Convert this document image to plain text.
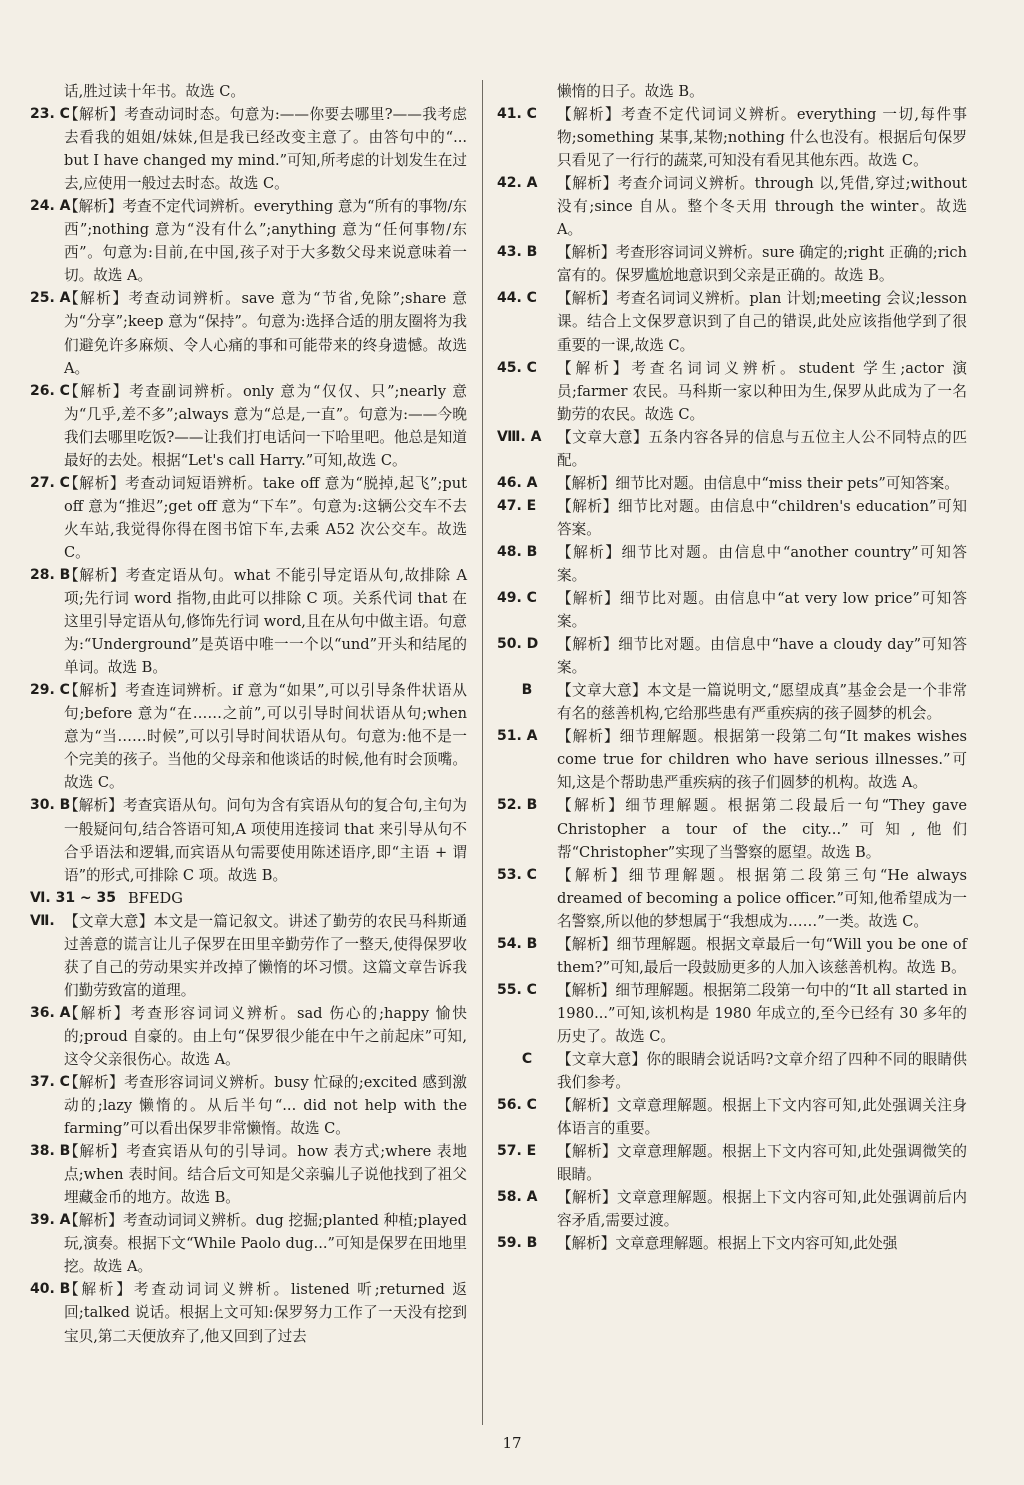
话,胜过读十年书。故选 C。
23. C
【解析】考查动词时态。句意为:——你要去哪里?——我考虑去看我的姐姐/妹妹,但是我已经改变主意了。由答句中的“... but I have changed my mind.”可知,所考虑的计划发生在过去,应使用一般过去时态。故选 C。
24. A
【解析】考查不定代词辨析。everything 意为“所有的事物/东西”;nothing 意为“没有什么”;anything 意为“任何事物/东西”。句意为:目前,在中国,孩子对于大多数父母来说意味着一切。故选 A。
25. A
【解析】考查动词辨析。save 意为“节省,免除”;share 意为“分享”;keep 意为“保持”。句意为:选择合适的朋友圈将为我们避免许多麻烦、令人心痛的事和可能带来的终身遗憾。故选 A。
26. C
【解析】考查副词辨析。only 意为“仅仅、只”;nearly 意为“几乎,差不多”;always 意为“总是,一直”。句意为:——今晚我们去哪里吃饭?——让我们打电话问一下哈里吧。他总是知道最好的去处。根据“Let's call Harry.”可知,故选 C。
27. C
【解析】考查动词短语辨析。take off 意为“脱掉,起飞”;put off 意为“推迟”;get off 意为“下车”。句意为:这辆公交车不去火车站,我觉得你得在图书馆下车,去乘 A52 次公交车。故选 C。
28. B
【解析】考查定语从句。what 不能引导定语从句,故排除 A 项;先行词 word 指物,由此可以排除 C 项。关系代词 that 在这里引导定语从句,修饰先行词 word,且在从句中做主语。句意为:“Underground”是英语中唯一一个以“und”开头和结尾的单词。故选 B。
29. C
【解析】考查连词辨析。if 意为“如果”,可以引导条件状语从句;before 意为“在……之前”,可以引导时间状语从句;when 意为“当……时候”,可以引导时间状语从句。句意为:他不是一个完美的孩子。当他的父母亲和他谈话的时候,他有时会顶嘴。故选 C。
30. B
【解析】考查宾语从句。问句为含有宾语从句的复合句,主句为一般疑问句,结合答语可知,A 项使用连接词 that 来引导从句不合乎语法和逻辑,而宾语从句需要使用陈述语序,即“主语 + 谓语”的形式,可排除 C 项。故选 B。
Ⅵ. 31 ~ 35 BFEDG
Ⅶ. 【文章大意】本文是一篇记叙文。讲述了勤劳的农民马科斯通过善意的谎言让儿子保罗在田里辛勤劳作了一整天,使得保罗收获了自己的劳动果实并改掉了懒惰的坏习惯。这篇文章告诉我们勤劳致富的道理。
36. A
【解析】考查形容词词义辨析。sad 伤心的;happy 愉快的;proud 自豪的。由上句“保罗很少能在中午之前起床”可知,这令父亲很伤心。故选 A。
37. C
【解析】考查形容词词义辨析。busy 忙碌的;excited 感到激动的;lazy 懒惰的。从后半句“... did not help with the farming”可以看出保罗非常懒惰。故选 C。
38. B
【解析】考查宾语从句的引导词。how 表方式;where 表地点;when 表时间。结合后文可知是父亲骗儿子说他找到了祖父埋藏金币的地方。故选 B。
39. A
【解析】考查动词词义辨析。dug 挖掘;planted 种植;played 玩,演奏。根据下文“While Paolo dug...”可知是保罗在田地里挖。故选 A。
40. B
【解析】考查动词词义辨析。listened 听;returned 返回;talked 说话。根据上文可知:保罗努力工作了一天没有挖到宝贝,第二天便放弃了,他又回到了过去
懒惰的日子。故选 B。
41. C	【解析】考查不定代词词义辨析。everything 一切,每件事物;something 某事,某物;nothing 什么也没有。根据后句保罗只看见了一行行的蔬菜,可知没有看见其他东西。故选 C。
42. A	【解析】考查介词词义辨析。through 以,凭借,穿过;without 没有;since 自从。整个冬天用 through the winter。故选 A。
43. B	【解析】考查形容词词义辨析。sure 确定的;right 正确的;rich 富有的。保罗尴尬地意识到父亲是正确的。故选 B。
44. C	【解析】考查名词词义辨析。plan 计划;meeting 会议;lesson 课。结合上文保罗意识到了自己的错误,此处应该指他学到了很重要的一课,故选 C。
45. C	【解析】考查名词词义辨析。student 学生;actor 演员;farmer 农民。马科斯一家以种田为生,保罗从此成为了一名勤劳的农民。故选 C。
Ⅷ. A	【文章大意】五条内容各异的信息与五位主人公不同特点的匹配。
46. A	【解析】细节比对题。由信息中“miss their pets”可知答案。
47. E	【解析】细节比对题。由信息中“children's education”可知答案。
48. B	【解析】细节比对题。由信息中“another country”可知答案。
49. C	【解析】细节比对题。由信息中“at very low price”可知答案。
50. D	【解析】细节比对题。由信息中“have a cloudy day”可知答案。
B	【文章大意】本文是一篇说明文,“愿望成真”基金会是一个非常有名的慈善机构,它给那些患有严重疾病的孩子圆梦的机会。
51. A	【解析】细节理解题。根据第一段第二句“It makes wishes come true for children who have serious illnesses.”可知,这是个帮助患严重疾病的孩子们圆梦的机构。故选 A。
52. B	【解析】细节理解题。根据第二段最后一句“They gave Christopher a tour of the city...”可知,他们帮“Christopher”实现了当警察的愿望。故选 B。
53. C	【解析】细节理解题。根据第二段第三句“He always dreamed of becoming a police officer.”可知,他希望成为一名警察,所以他的梦想属于“我想成为……”一类。故选 C。
54. B	【解析】细节理解题。根据文章最后一句“Will you be one of them?”可知,最后一段鼓励更多的人加入该慈善机构。故选 B。
55. C	【解析】细节理解题。根据第二段第一句中的“It all started in 1980...”可知,该机构是 1980 年成立的,至今已经有 30 多年的历史了。故选 C。
C	【文章大意】你的眼睛会说话吗?文章介绍了四种不同的眼睛供我们参考。
56. C	【解析】文章意理解题。根据上下文内容可知,此处强调关注身体语言的重要。
57. E	【解析】文章意理解题。根据上下文内容可知,此处强调微笑的眼睛。
58. A	【解析】文章意理解题。根据上下文内容可知,此处强调前后内容矛盾,需要过渡。
59. B	【解析】文章意理解题。根据上下文内容可知,此处强
17
